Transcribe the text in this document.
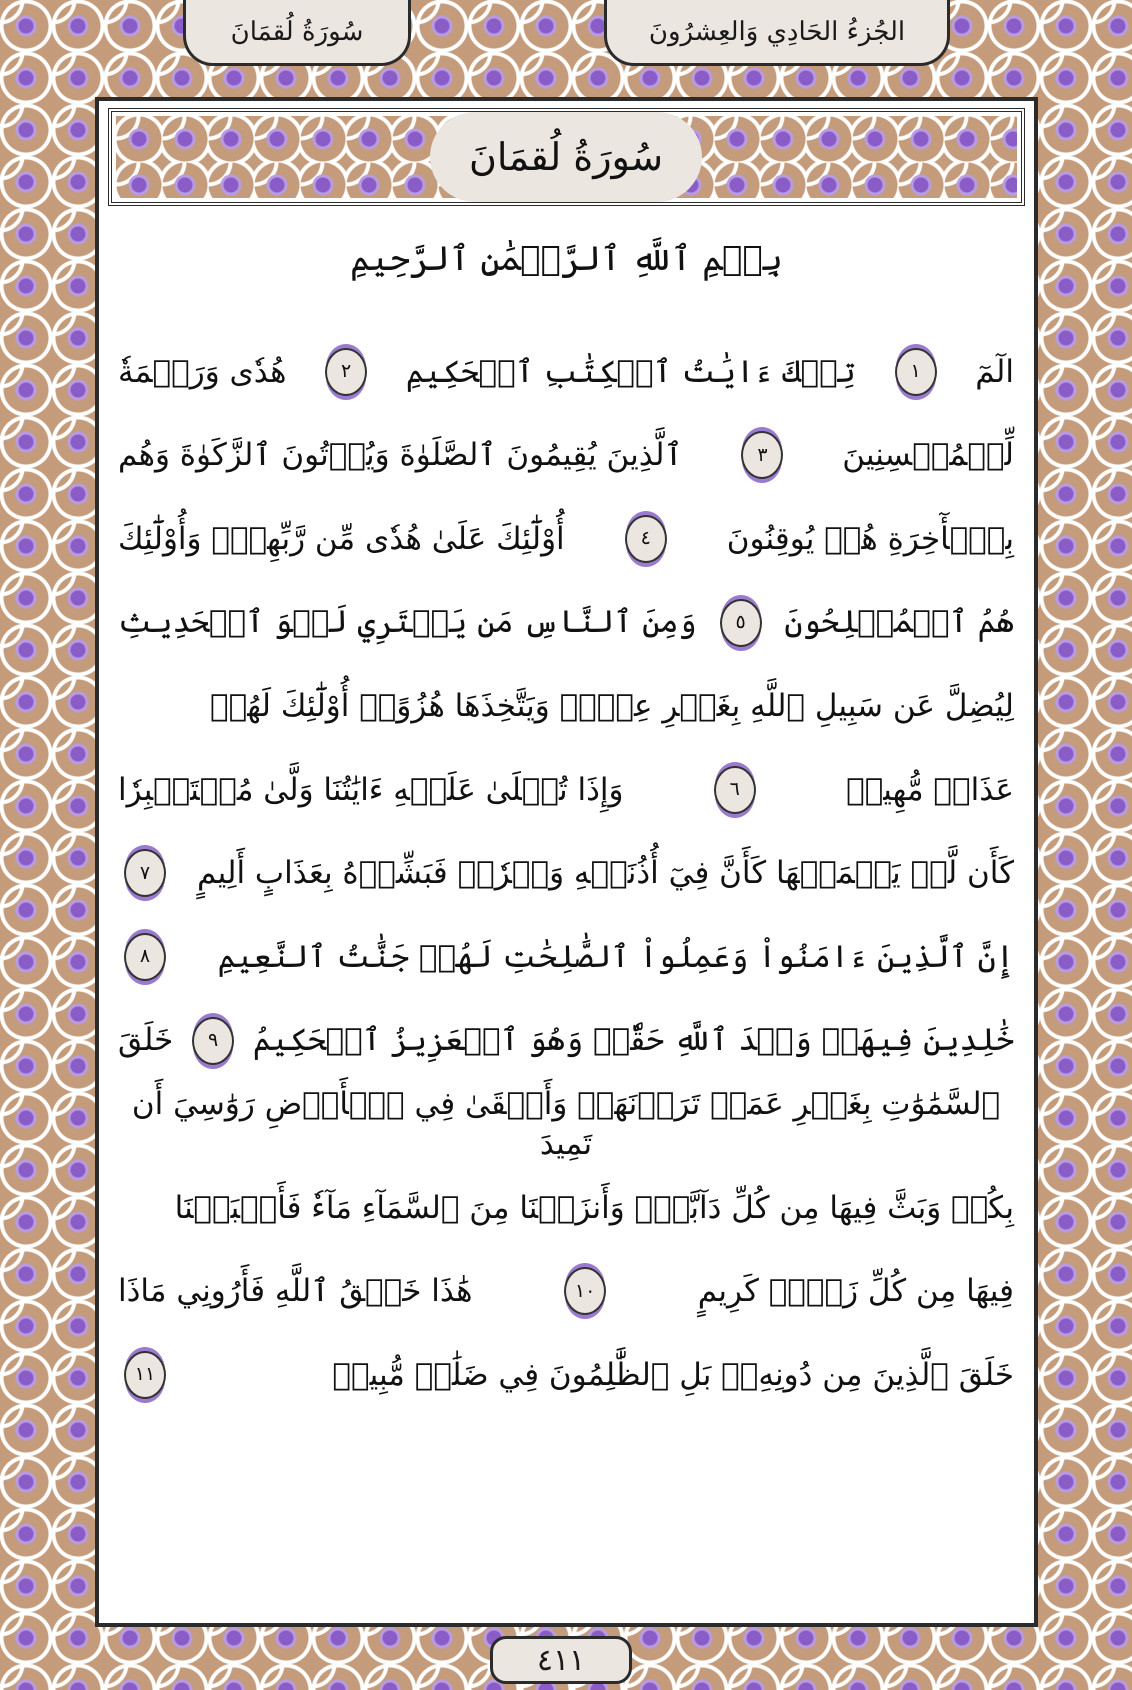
الجُزءُ الحَادِي وَالعِشرُونَ
سُورَةُ لُقمَانَ
سُورَةُ لُقمَانَ
بِسۡمِ ٱللَّهِ ٱلرَّحۡمَٰنِ ٱلرَّحِيمِ
الٓمٓ
١
تِلۡكَ ءَايَٰتُ ٱلۡكِتَٰبِ ٱلۡحَكِيمِ
٢
هُدٗى وَرَحۡمَةٗ
لِّلۡمُحۡسِنِينَ
٣
ٱلَّذِينَ يُقِيمُونَ ٱلصَّلَوٰةَ وَيُؤۡتُونَ ٱلزَّكَوٰةَ وَهُم
بِٱلۡأٓخِرَةِ هُمۡ يُوقِنُونَ
٤
أُوْلَٰٓئِكَ عَلَىٰ هُدٗى مِّن رَّبِّهِمۡۖ وَأُوْلَٰٓئِكَ
هُمُ ٱلۡمُفۡلِحُونَ
٥
وَمِنَ ٱلنَّاسِ مَن يَشۡتَرِي لَهۡوَ ٱلۡحَدِيثِ
لِيُضِلَّ عَن سَبِيلِ ٱللَّهِ بِغَيۡرِ عِلۡمٖ وَيَتَّخِذَهَا هُزُوًاۚ أُوْلَٰٓئِكَ لَهُمۡ
عَذَابٞ مُّهِينٞ
٦
وَإِذَا تُتۡلَىٰ عَلَيۡهِ ءَايَٰتُنَا وَلَّىٰ مُسۡتَكۡبِرٗا
كَأَن لَّمۡ يَسۡمَعۡهَا كَأَنَّ فِيٓ أُذُنَيۡهِ وَقۡرٗاۖ فَبَشِّرۡهُ بِعَذَابٍ أَلِيمٍ
٧
إِنَّ ٱلَّذِينَ ءَامَنُواْ وَعَمِلُواْ ٱلصَّٰلِحَٰتِ لَهُمۡ جَنَّٰتُ ٱلنَّعِيمِ
٨
خَٰلِدِينَ فِيهَاۖ وَعۡدَ ٱللَّهِ حَقّٗاۚ وَهُوَ ٱلۡعَزِيزُ ٱلۡحَكِيمُ
٩
خَلَقَ
ٱلسَّمَٰوَٰتِ بِغَيۡرِ عَمَدٖ تَرَوۡنَهَاۖ وَأَلۡقَىٰ فِي ٱلۡأَرۡضِ رَوَٰسِيَ أَن تَمِيدَ
بِكُمۡ وَبَثَّ فِيهَا مِن كُلِّ دَآبَّةٖۚ وَأَنزَلۡنَا مِنَ ٱلسَّمَآءِ مَآءٗ فَأَنۢبَتۡنَا
فِيهَا مِن كُلِّ زَوۡجٖ كَرِيمٍ
١٠
هَٰذَا خَلۡقُ ٱللَّهِ فَأَرُونِي مَاذَا
خَلَقَ ٱلَّذِينَ مِن دُونِهِۦۚ بَلِ ٱلظَّٰلِمُونَ فِي ضَلَٰلٖ مُّبِينٖ
١١
٤١١
